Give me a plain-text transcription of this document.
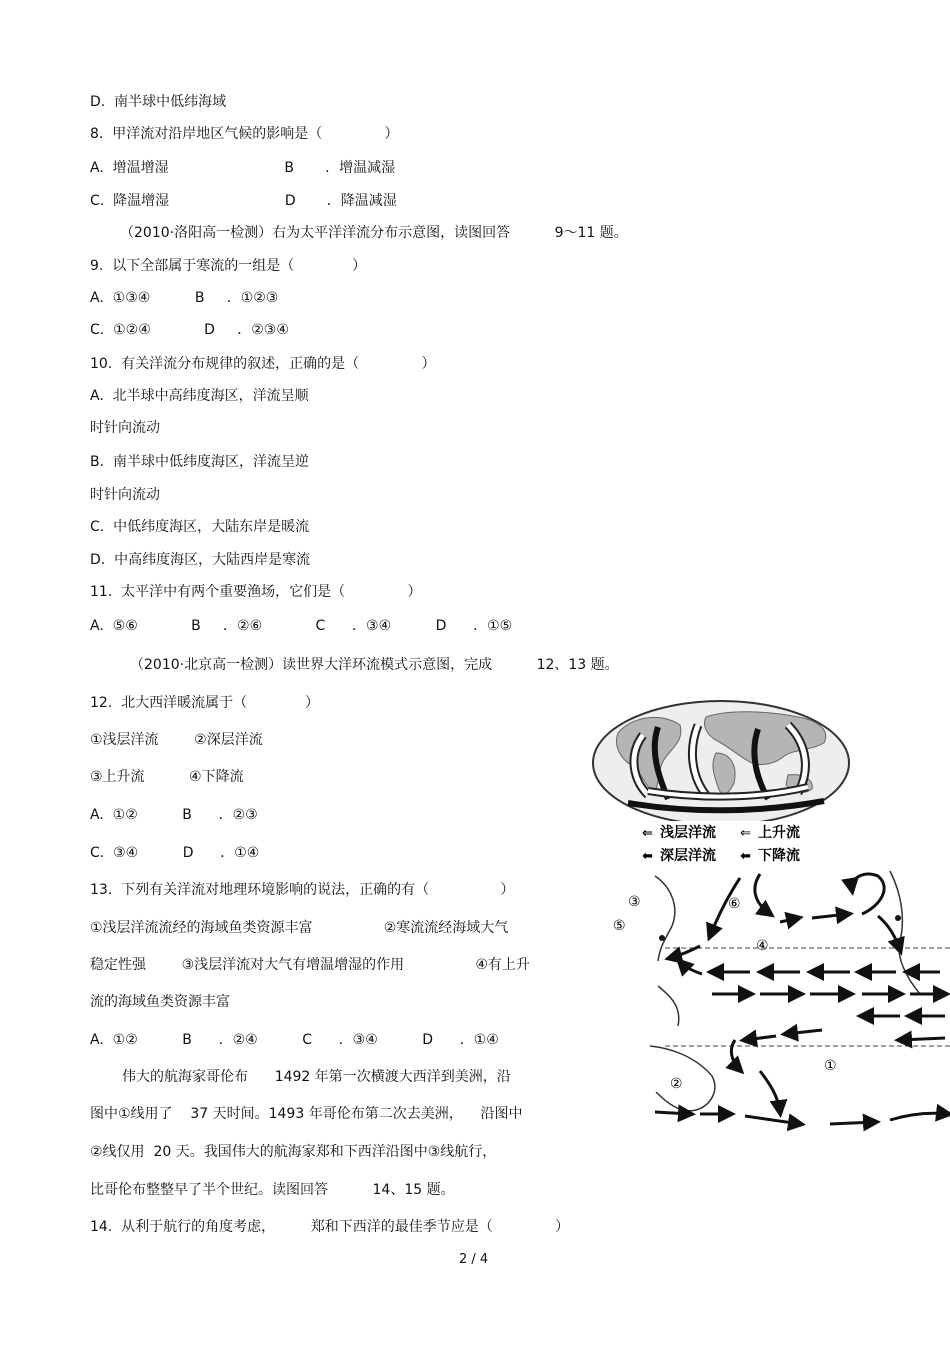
D.  南半球中低纬海域
8.  甲洋流对沿岸地区气候的影响是（              ）
A.  增温增湿                          B       ．增温减湿
C.  降温增湿                          D       ．降温减湿
（2010·洛阳高一检测）右为太平洋洋流分布示意图，读图回答          9～11 题。
9.  以下全部属于寒流的一组是（             ）
A.  ①③④          B     ．①②③
C.  ①②④            D     ．②③④
10.  有关洋流分布规律的叙述，正确的是（              ）
A.  北半球中高纬度海区，洋流呈顺
时针向流动
B.  南半球中低纬度海区，洋流呈逆
时针向流动
C.  中低纬度海区，大陆东岸是暖流
D.  中高纬度海区，大陆西岸是寒流
11.  太平洋中有两个重要渔场，它们是（              ）
A.  ⑤⑥            B     ．②⑥            C      ．③④          D      ．①⑤
（2010·北京高一检测）读世界大洋环流模式示意图，完成          12、13 题。
12.  北大西洋暖流属于（             ）
①浅层洋流        ②深层洋流
③上升流          ④下降流
A.  ①②          B      ．②③
C.  ③④          D      ．①④
13.  下列有关洋流对地理环境影响的说法，正确的有（                ）
①浅层洋流流经的海域鱼类资源丰富                ②寒流流经海域大气
稳定性强        ③浅层洋流对大气有增温增湿的作用                ④有上升
流的海域鱼类资源丰富
A.  ①②          B      ．②④          C      ．③④          D      ．①④
伟大的航海家哥伦布      1492 年第一次横渡大西洋到美洲，沿
图中①线用了    37 天时间。1493 年哥伦布第二次去美洲，    沿图中
②线仅用  20 天。我国伟大的航海家郑和下西洋沿图中③线航行，
比哥伦布整整早了半个世纪。读图回答          14、15 题。
14.  从利于航行的角度考虑，        郑和下西洋的最佳季节应是（              ）
2 / 4
⇐ 浅层洋流 ⇐ 上升流
⬅ 深层洋流 ⬅ 下降流
③	⑥
⑤
④
①
②
